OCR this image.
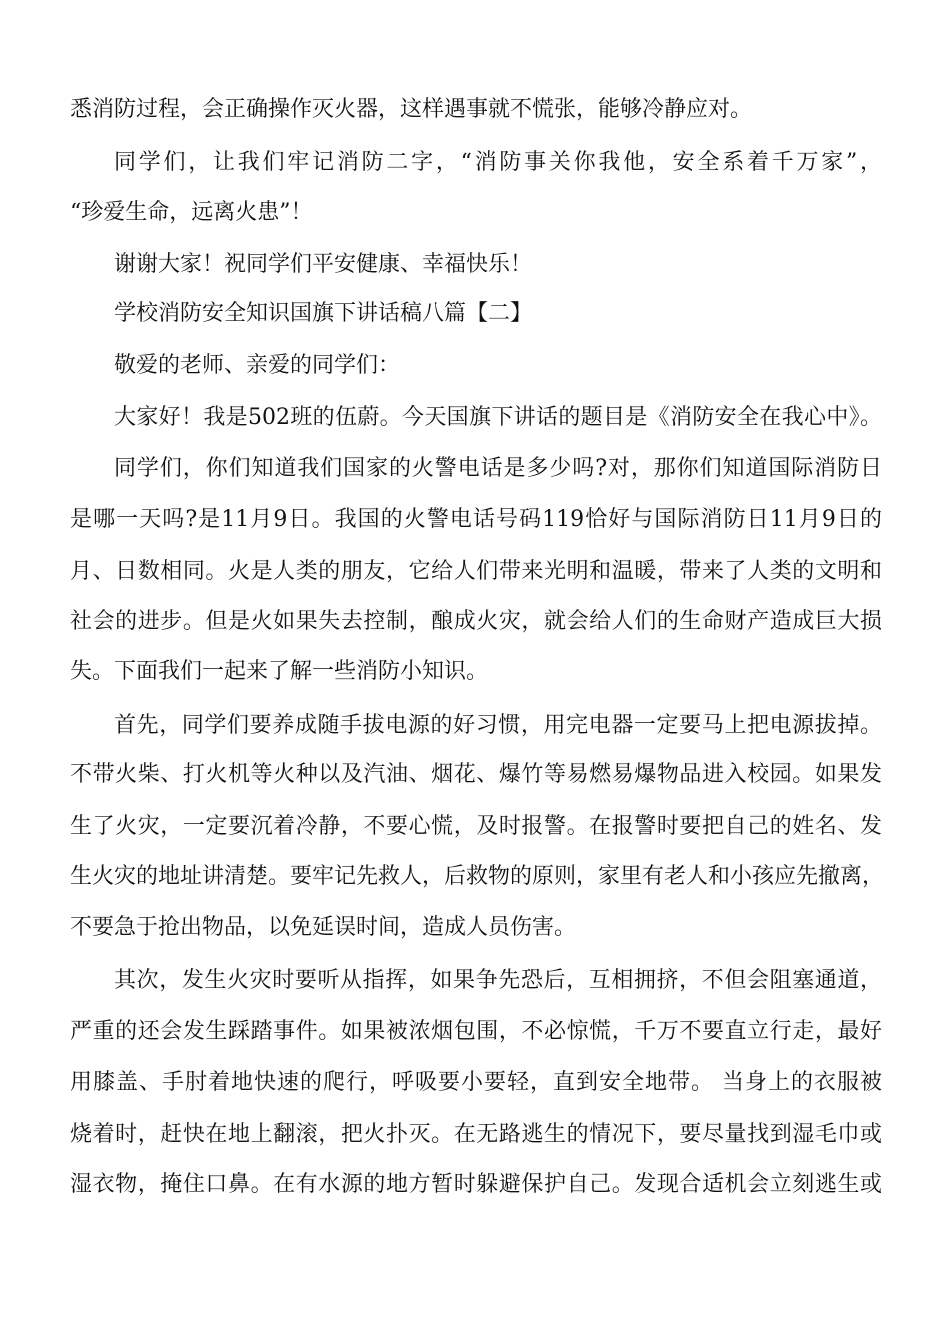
悉消防过程，会正确操作灭火器，这样遇事就不慌张，能够冷静应对。
同学们，让我们牢记消防二字，“消防事关你我他，安全系着千万家”，
“珍爱生命，远离火患”！
谢谢大家！祝同学们平安健康、幸福快乐！
学校消防安全知识国旗下讲话稿八篇【二】
敬爱的老师、亲爱的同学们：
大家好！我是502班的伍蔚。今天国旗下讲话的题目是《消防安全在我心中》。
同学们，你们知道我们国家的火警电话是多少吗?对，那你们知道国际消防日
是哪一天吗?是11月9日。我国的火警电话号码119恰好与国际消防日11月9日的
月、日数相同。火是人类的朋友，它给人们带来光明和温暖，带来了人类的文明和
社会的进步。但是火如果失去控制，酿成火灾，就会给人们的生命财产造成巨大损
失。下面我们一起来了解一些消防小知识。
首先，同学们要养成随手拔电源的好习惯，用完电器一定要马上把电源拔掉。
不带火柴、打火机等火种以及汽油、烟花、爆竹等易燃易爆物品进入校园。如果发
生了火灾，一定要沉着冷静，不要心慌，及时报警。在报警时要把自己的姓名、发
生火灾的地址讲清楚。要牢记先救人，后救物的原则，家里有老人和小孩应先撤离，
不要急于抢出物品，以免延误时间，造成人员伤害。
其次，发生火灾时要听从指挥，如果争先恐后，互相拥挤，不但会阻塞通道，
严重的还会发生踩踏事件。如果被浓烟包围，不必惊慌，千万不要直立行走，最好
用膝盖、手肘着地快速的爬行，呼吸要小要轻，直到安全地带。 当身上的衣服被
烧着时，赶快在地上翻滚，把火扑灭。在无路逃生的情况下，要尽量找到湿毛巾或
湿衣物，掩住口鼻。在有水源的地方暂时躲避保护自己。发现合适机会立刻逃生或
